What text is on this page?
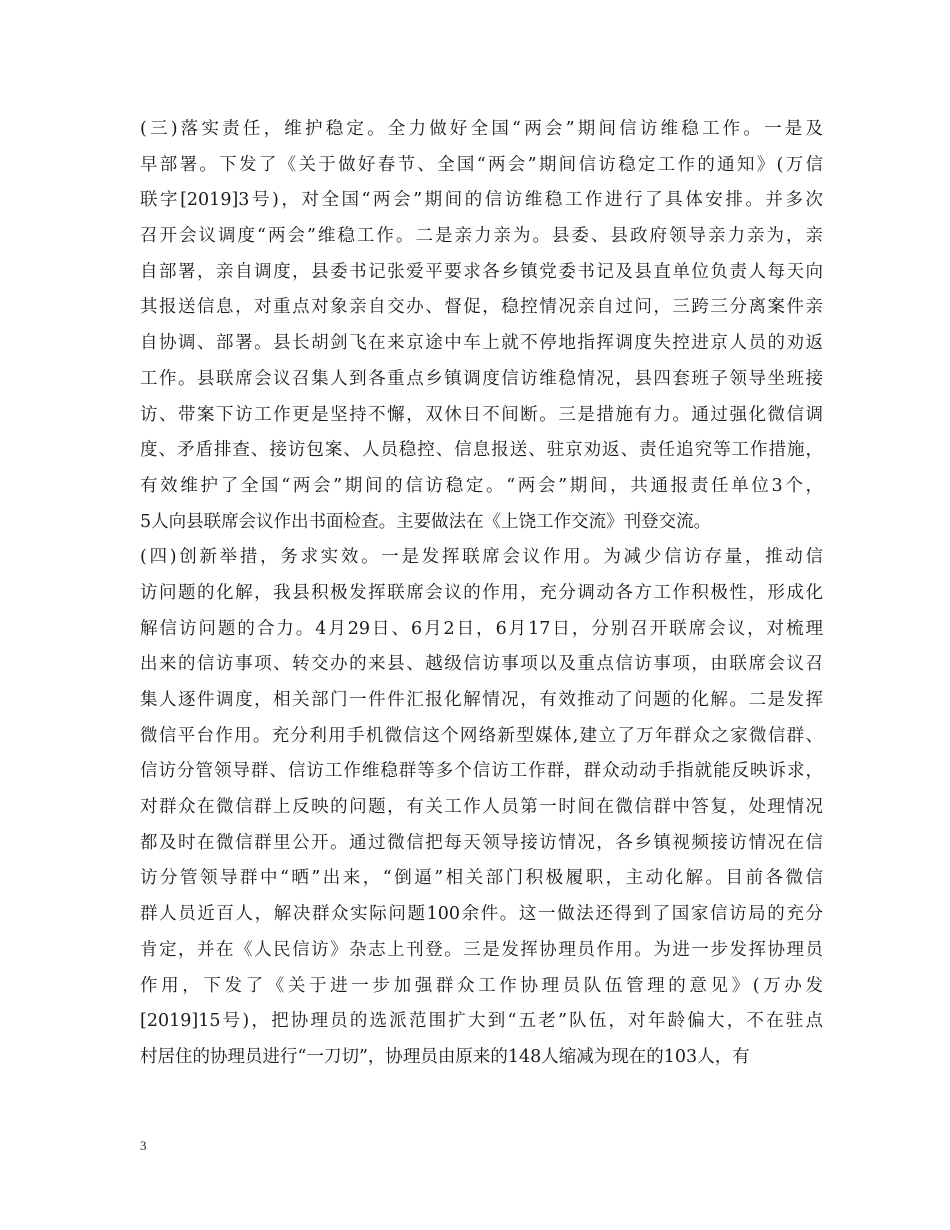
(三)落实责任，维护稳定。全力做好全国“两会”期间信访维稳工作。一是及
早部署。下发了《关于做好春节、全国“两会”期间信访稳定工作的通知》(万信
联字[2019]3号)，对全国“两会”期间的信访维稳工作进行了具体安排。并多次
召开会议调度“两会”维稳工作。二是亲力亲为。县委、县政府领导亲力亲为，亲
自部署，亲自调度，县委书记张爱平要求各乡镇党委书记及县直单位负责人每天向
其报送信息，对重点对象亲自交办、督促，稳控情况亲自过问，三跨三分离案件亲
自协调、部署。县长胡剑飞在来京途中车上就不停地指挥调度失控进京人员的劝返
工作。县联席会议召集人到各重点乡镇调度信访维稳情况，县四套班子领导坐班接
访、带案下访工作更是坚持不懈，双休日不间断。三是措施有力。通过强化微信调
度、矛盾排查、接访包案、人员稳控、信息报送、驻京劝返、责任追究等工作措施，
有效维护了全国“两会”期间的信访稳定。“两会”期间，共通报责任单位3个，
5人向县联席会议作出书面检查。主要做法在《上饶工作交流》刊登交流。
(四)创新举措，务求实效。一是发挥联席会议作用。为减少信访存量，推动信
访问题的化解，我县积极发挥联席会议的作用，充分调动各方工作积极性，形成化
解信访问题的合力。4月29日、6月2日，6月17日，分别召开联席会议，对梳理
出来的信访事项、转交办的来县、越级信访事项以及重点信访事项，由联席会议召
集人逐件调度，相关部门一件件汇报化解情况，有效推动了问题的化解。二是发挥
微信平台作用。充分利用手机微信这个网络新型媒体,建立了万年群众之家微信群、
信访分管领导群、信访工作维稳群等多个信访工作群，群众动动手指就能反映诉求，
对群众在微信群上反映的问题，有关工作人员第一时间在微信群中答复，处理情况
都及时在微信群里公开。通过微信把每天领导接访情况，各乡镇视频接访情况在信
访分管领导群中“晒”出来，“倒逼”相关部门积极履职，主动化解。目前各微信
群人员近百人，解决群众实际问题100余件。这一做法还得到了国家信访局的充分
肯定，并在《人民信访》杂志上刊登。三是发挥协理员作用。为进一步发挥协理员
作用，下发了《关于进一步加强群众工作协理员队伍管理的意见》(万办发
[2019]15号)，把协理员的选派范围扩大到“五老”队伍，对年龄偏大，不在驻点
村居住的协理员进行“一刀切”，协理员由原来的148人缩减为现在的103人，有
3
